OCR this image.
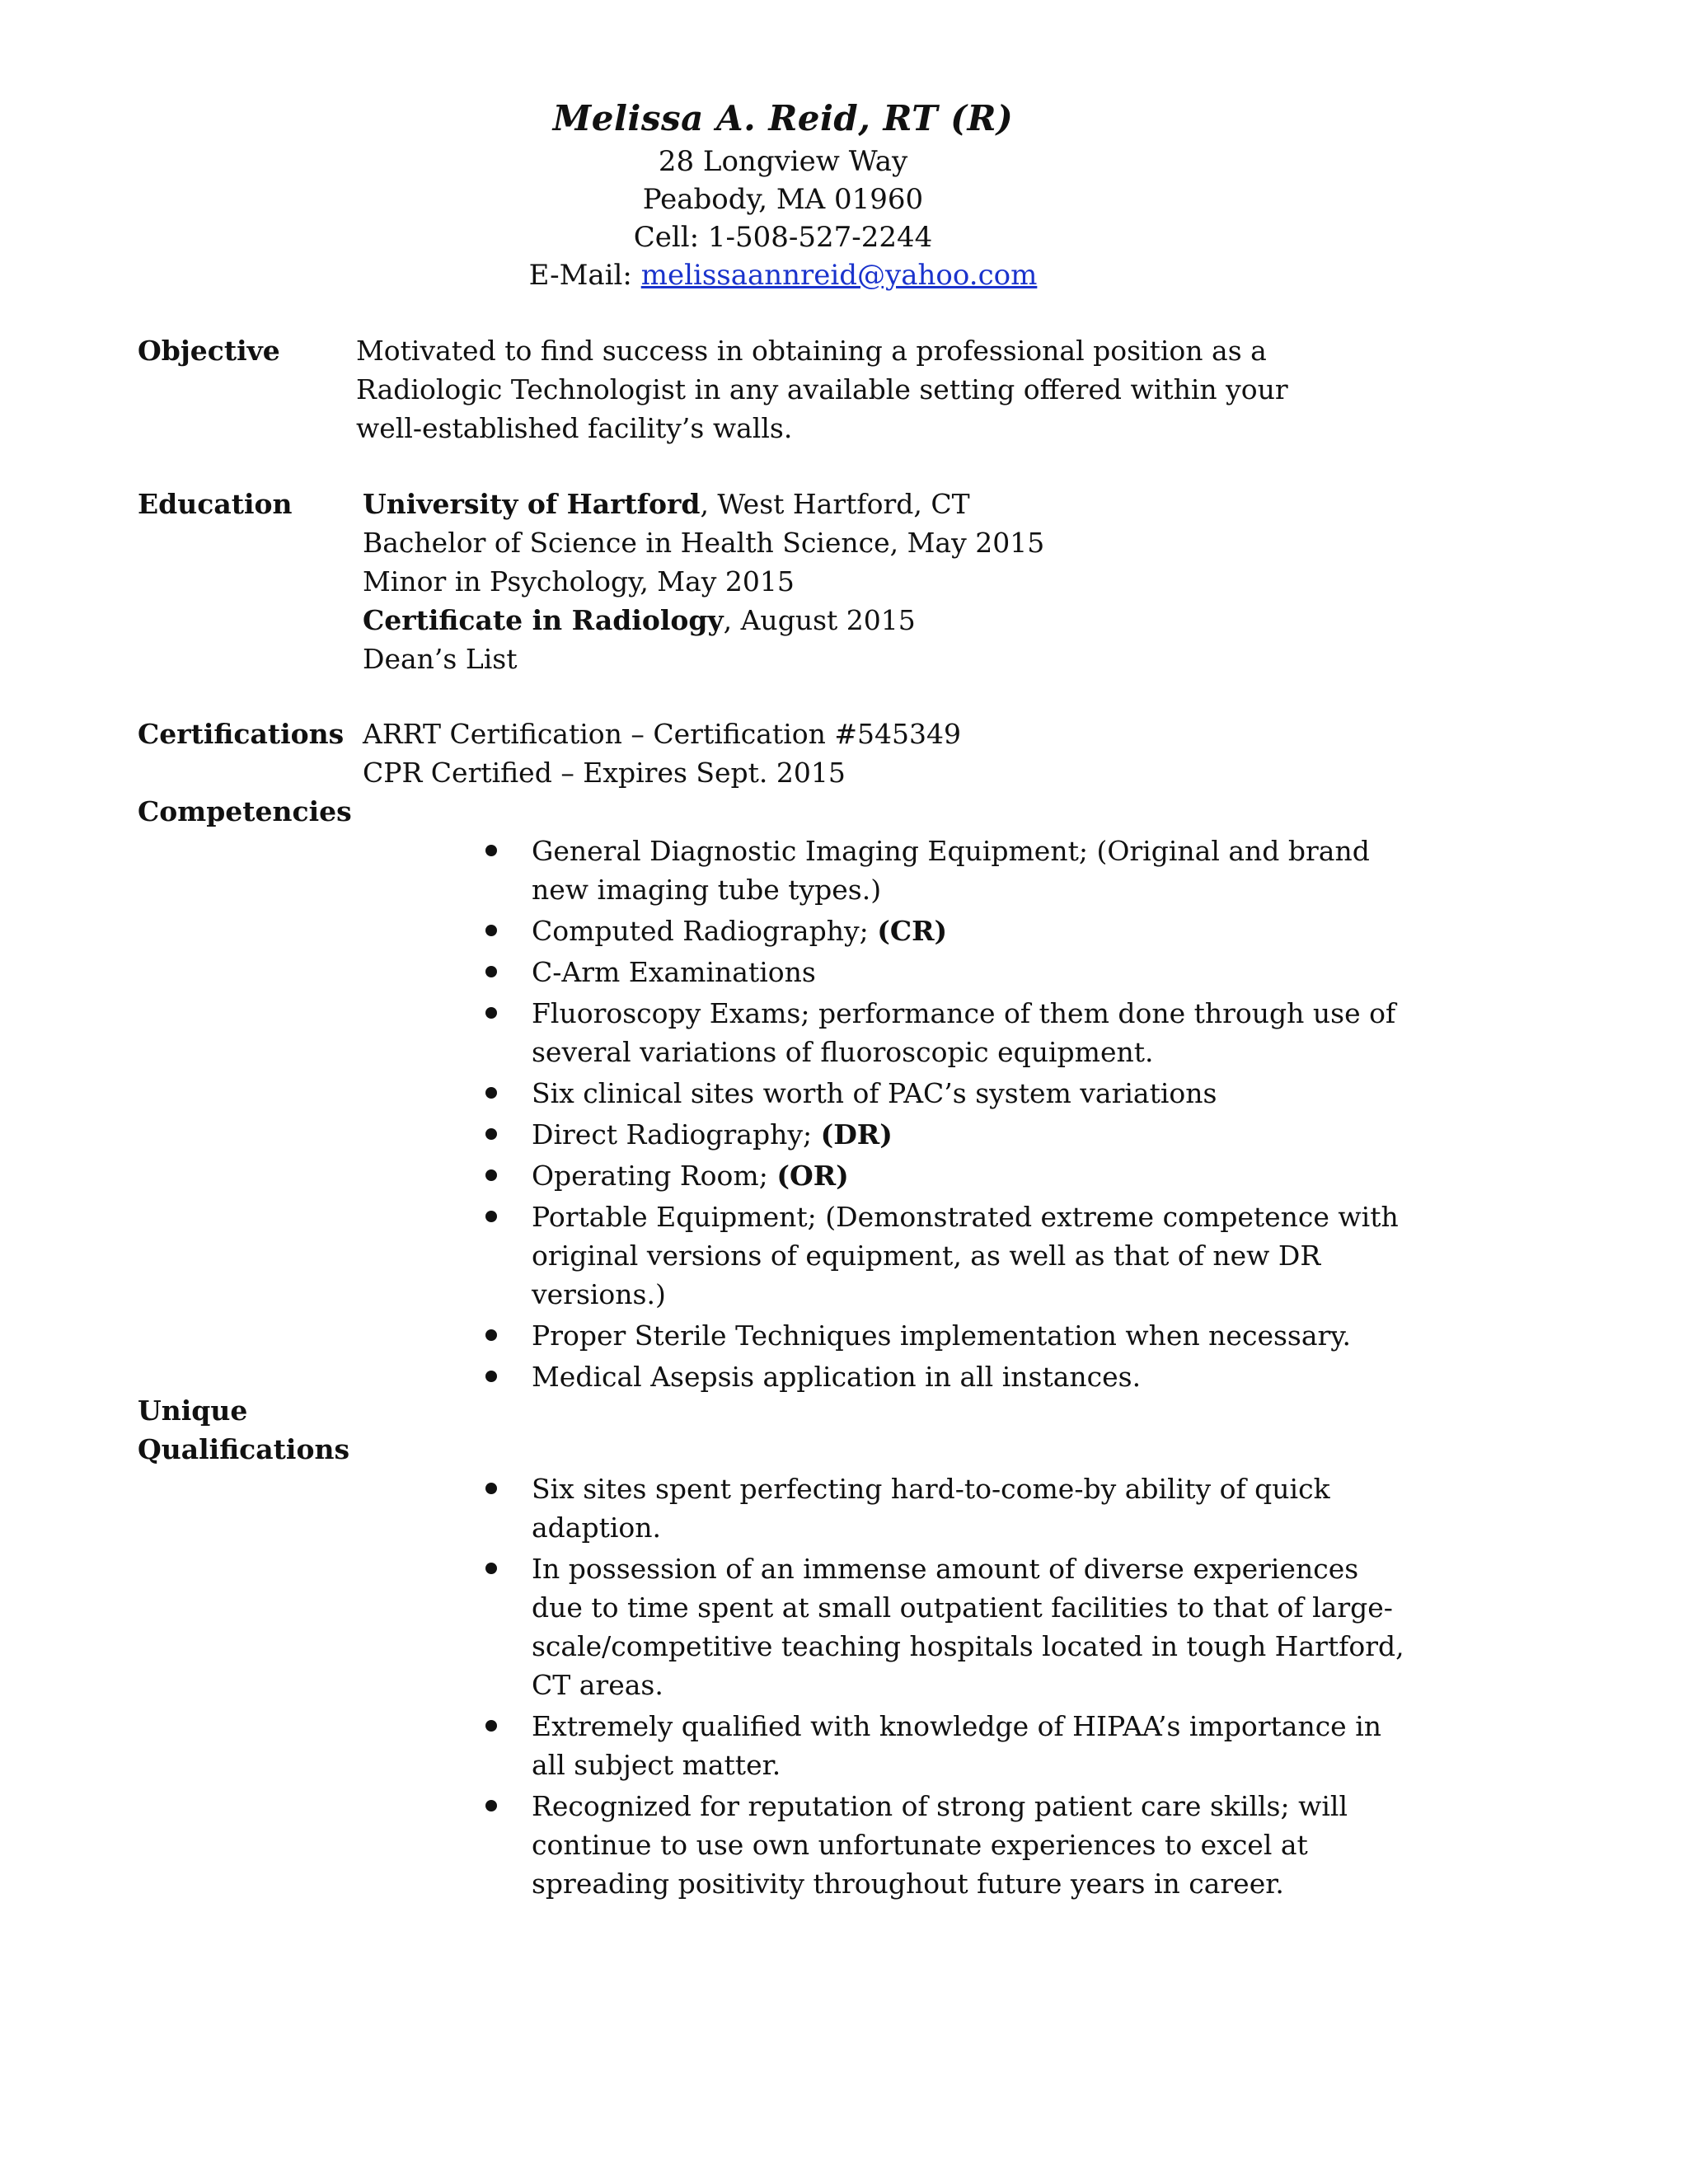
Melissa A. Reid, RT (R)
28 Longview Way
Peabody, MA 01960
Cell: 1-508-527-2244
E-Mail: melissaannreid@yahoo.com
Objective	Motivated to find success in obtaining a professional position as a
Radiologic Technologist in any available setting offered within your
well-established facility’s walls.
Education	University of Hartford, West Hartford, CT
Bachelor of Science in Health Science, May 2015
Minor in Psychology, May 2015
Certificate in Radiology, August 2015
Dean’s List
Certifications ARRT Certification – Certification #545349
CPR Certified – Expires Sept. 2015
Competencies
General Diagnostic Imaging Equipment; (Original and brand
new imaging tube types.)
Computed Radiography; (CR)
C-Arm Examinations
Fluoroscopy Exams; performance of them done through use of
several variations of fluoroscopic equipment.
Six clinical sites worth of PAC’s system variations
Direct Radiography; (DR)
Operating Room; (OR)
Portable Equipment; (Demonstrated extreme competence with
original versions of equipment, as well as that of new DR
versions.)
Proper Sterile Techniques implementation when necessary.
Medical Asepsis application in all instances.
Unique
Qualifications
Six sites spent perfecting hard-to-come-by ability of quick
adaption.
In possession of an immense amount of diverse experiences
due to time spent at small outpatient facilities to that of large-
scale/competitive teaching hospitals located in tough Hartford,
CT areas.
Extremely qualified with knowledge of HIPAA’s importance in
all subject matter.
Recognized for reputation of strong patient care skills; will
continue to use own unfortunate experiences to excel at
spreading positivity throughout future years in career.
